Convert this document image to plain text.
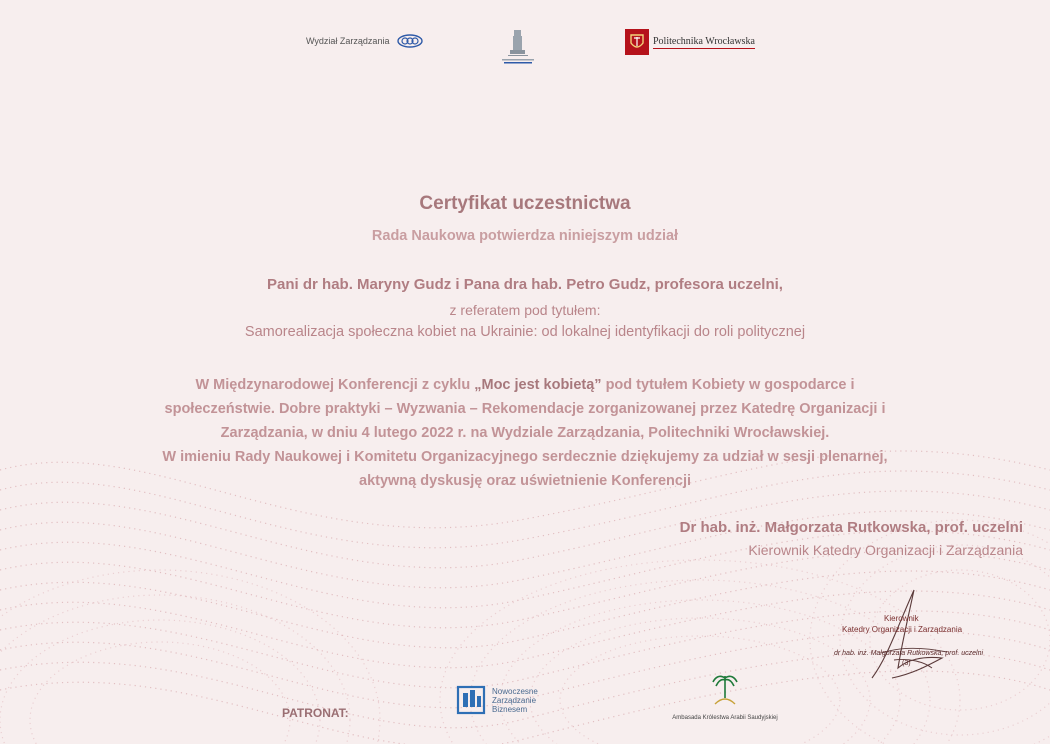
Wydział Zarządzania	Politechnika Wrocławska
Certyfikat uczestnictwa
Rada Naukowa potwierdza niniejszym udział
Pani dr hab. Maryny Gudz i Pana dra hab. Petro Gudz, profesora uczelni,
z referatem pod tytułem:
Samorealizacja społeczna kobiet na Ukrainie: od lokalnej identyfikacji do roli politycznej
W Międzynarodowej Konferencji z cyklu „Moc jest kobietą” pod tytułem Kobiety w gospodarce i
społeczeństwie. Dobre praktyki – Wyzwania – Rekomendacje zorganizowanej przez Katedrę Organizacji i
Zarządzania, w dniu 4 lutego 2022 r. na Wydziale Zarządzania, Politechniki Wrocławskiej.
W imieniu Rady Naukowej i Komitetu Organizacyjnego serdecznie dziękujemy za udział w sesji plenarnej,
aktywną dyskusję oraz uświetnienie Konferencji
Dr hab. inż. Małgorzata Rutkowska, prof. uczelni
Kierownik Katedry Organizacji i Zarządzania
Kierownik
Katedry Organizacji i Zarządzania
dr hab. inż. Małgorzata Rutkowska, prof. uczelni
(3)
PATRONAT:
Nowoczesne
Zarządzanie
Biznesem
Ambasada Królestwa Arabii Saudyjskiej
